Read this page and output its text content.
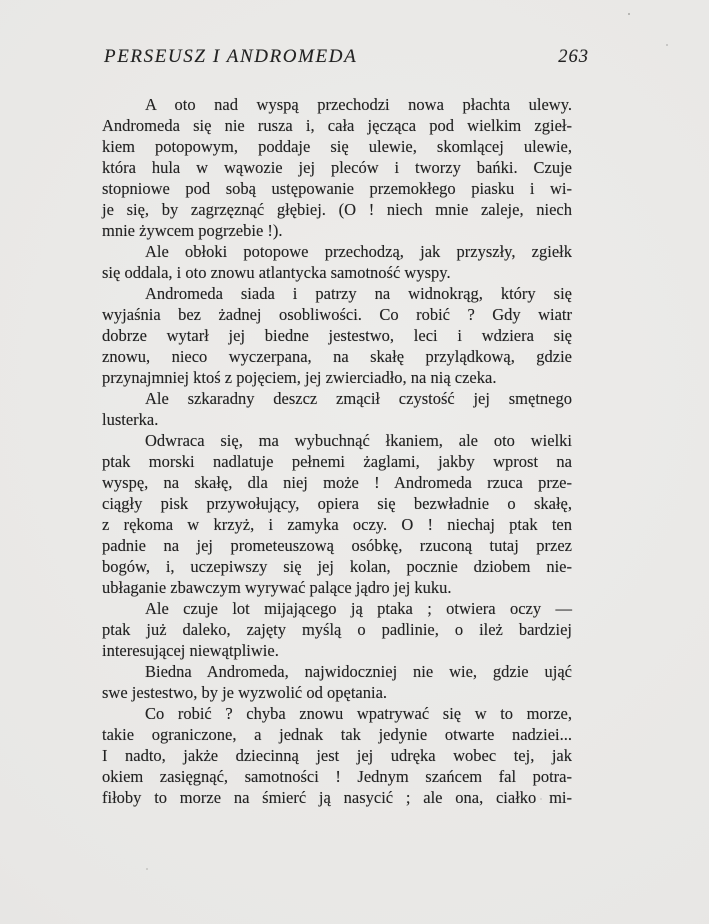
PERSEUSZ I ANDROMEDA	263
A oto nad wyspą przechodzi nowa płachta ulewy.
Andromeda się nie rusza i, cała jęcząca pod wielkim zgieł-
kiem potopowym, poddaje się ulewie, skomlącej ulewie,
która hula w wąwozie jej pleców i tworzy bańki. Czuje
stopniowe pod sobą ustępowanie przemokłego piasku i wi-
je się, by zagrzęznąć głębiej. (O ! niech mnie zaleje, niech
mnie żywcem pogrzebie !).
Ale obłoki potopowe przechodzą, jak przyszły, zgiełk
się oddala, i oto znowu atlantycka samotność wyspy.
Andromeda siada i patrzy na widnokrąg, który się
wyjaśnia bez żadnej osobliwości. Co robić ? Gdy wiatr
dobrze wytarł jej biedne jestestwo, leci i wdziera się
znowu, nieco wyczerpana, na skałę przylądkową, gdzie
przynajmniej ktoś z pojęciem, jej zwierciadło, na nią czeka.
Ale szkaradny deszcz zmącił czystość jej smętnego
lusterka.
Odwraca się, ma wybuchnąć łkaniem, ale oto wielki
ptak morski nadlatuje pełnemi żaglami, jakby wprost na
wyspę, na skałę, dla niej może ! Andromeda rzuca prze-
ciągły pisk przywołujący, opiera się bezwładnie o skałę,
z rękoma w krzyż, i zamyka oczy. O ! niechaj ptak ten
padnie na jej prometeuszową osóbkę, rzuconą tutaj przez
bogów, i, uczepiwszy się jej kolan, pocznie dziobem nie-
ubłaganie zbawczym wyrywać palące jądro jej kuku.
Ale czuje lot mijającego ją ptaka ; otwiera oczy —
ptak już daleko, zajęty myślą o padlinie, o ileż bardziej
interesującej niewątpliwie.
Biedna Andromeda, najwidoczniej nie wie, gdzie ująć
swe jestestwo, by je wyzwolić od opętania.
Co robić ? chyba znowu wpatrywać się w to morze,
takie ograniczone, a jednak tak jedynie otwarte nadziei...
I nadto, jakże dziecinną jest jej udręka wobec tej, jak
okiem zasięgnąć, samotności ! Jednym szańcem fal potra-
fiłoby to morze na śmierć ją nasycić ; ale ona, ciałko mi-
